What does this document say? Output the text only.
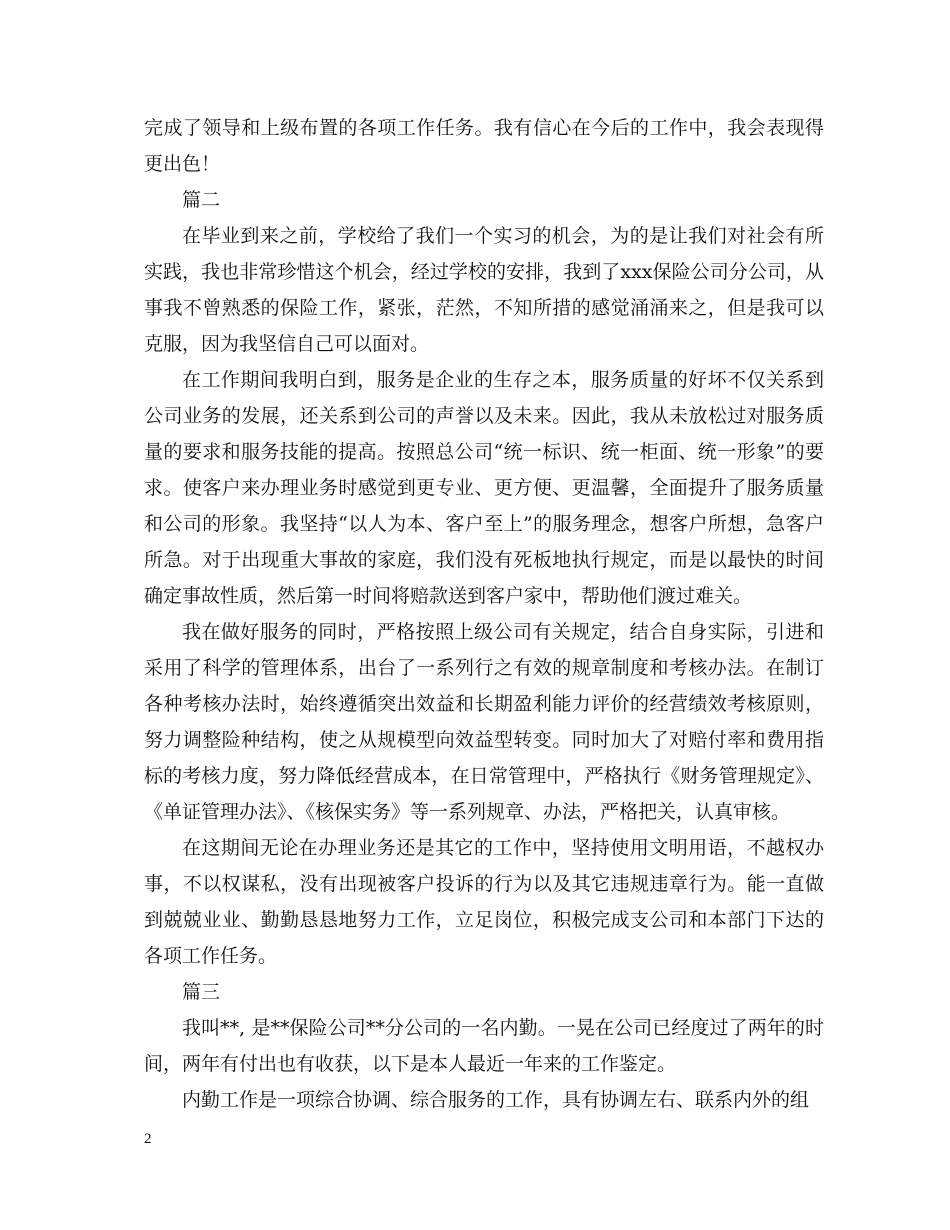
完成了领导和上级布置的各项工作任务。我有信心在今后的工作中，我会表现得更出色！

篇二

在毕业到来之前，学校给了我们一个实习的机会，为的是让我们对社会有所实践，我也非常珍惜这个机会，经过学校的安排，我到了xxx保险公司分公司，从事我不曾熟悉的保险工作，紧张，茫然，不知所措的感觉涌涌来之，但是我可以克服，因为我坚信自己可以面对。

在工作期间我明白到，服务是企业的生存之本，服务质量的好坏不仅关系到公司业务的发展，还关系到公司的声誉以及未来。因此，我从未放松过对服务质量的要求和服务技能的提高。按照总公司“统一标识、统一柜面、统一形象”的要求。使客户来办理业务时感觉到更专业、更方便、更温馨，全面提升了服务质量和公司的形象。我坚持“以人为本、客户至上”的服务理念，想客户所想，急客户所急。对于出现重大事故的家庭，我们没有死板地执行规定，而是以最快的时间确定事故性质，然后第一时间将赔款送到客户家中，帮助他们渡过难关。

我在做好服务的同时，严格按照上级公司有关规定，结合自身实际，引进和采用了科学的管理体系，出台了一系列行之有效的规章制度和考核办法。在制订各种考核办法时，始终遵循突出效益和长期盈利能力评价的经营绩效考核原则，努力调整险种结构，使之从规模型向效益型转变。同时加大了对赔付率和费用指标的考核力度，努力降低经营成本，在日常管理中，严格执行《财务管理规定》、《单证管理办法》、《核保实务》等一系列规章、办法，严格把关，认真审核。

在这期间无论在办理业务还是其它的工作中，坚持使用文明用语，不越权办事，不以权谋私，没有出现被客户投诉的行为以及其它违规违章行为。能一直做到兢兢业业、勤勤恳恳地努力工作，立足岗位，积极完成支公司和本部门下达的各项工作任务。

篇三

我叫**, 是**保险公司**分公司的一名内勤。一晃在公司已经度过了两年的时间，两年有付出也有收获，以下是本人最近一年来的工作鉴定。

内勤工作是一项综合协调、综合服务的工作，具有协调左右、联系内外的组

2
